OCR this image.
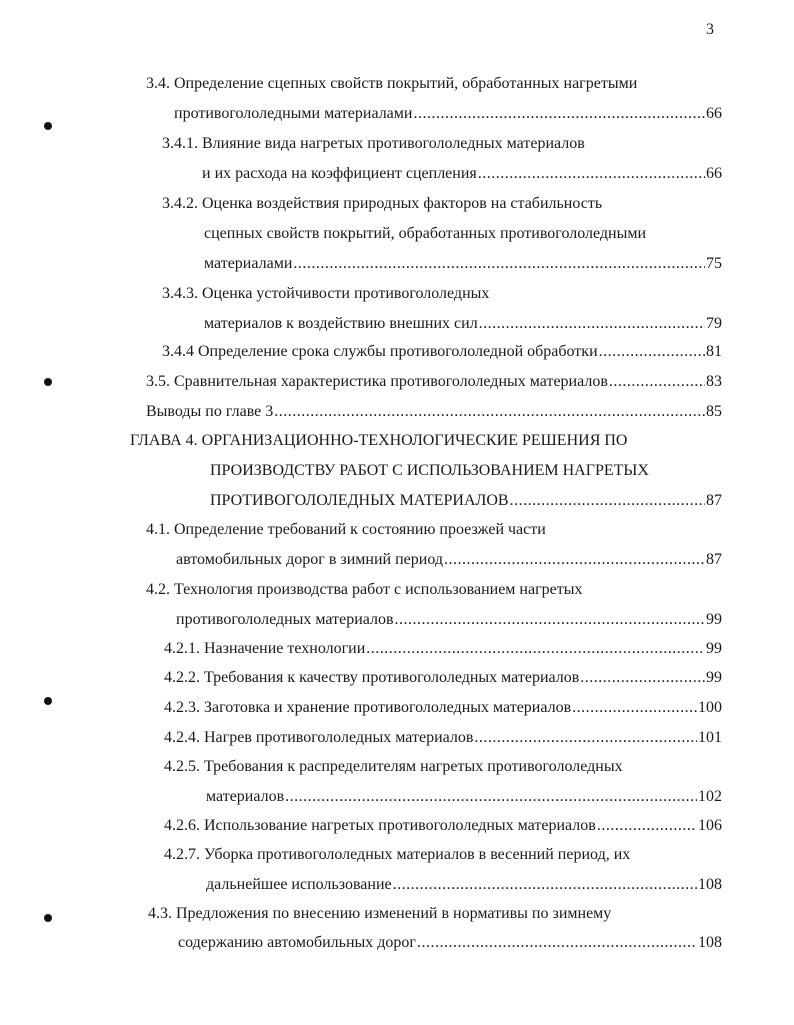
3
3.4. Определение сцепных свойств покрытий, обработанных нагретыми
противогололедными материалами .....	66
3.4.1. Влияние вида нагретых противогололедных материалов
и их расхода на коэффициент сцепления .....	66
3.4.2. Оценка воздействия природных факторов на стабильность
сцепных свойств покрытий, обработанных противогололедными
материалами .....	75
3.4.3. Оценка устойчивости противогололедных
материалов к воздействию внешних сил .....	79
3.4.4 Определение срока службы противогололедной обработки .....	81
3.5. Сравнительная характеристика противогололедных материалов .....	83
Выводы по главе 3 .....	85
ГЛАВА 4. ОРГАНИЗАЦИОННО-ТЕХНОЛОГИЧЕСКИЕ РЕШЕНИЯ ПО
ПРОИЗВОДСТВУ РАБОТ С ИСПОЛЬЗОВАНИЕМ НАГРЕТЫХ
ПРОТИВОГОЛОЛЕДНЫХ МАТЕРИАЛОВ .....	87
4.1. Определение требований к состоянию проезжей части
автомобильных дорог в зимний период .....	87
4.2. Технология производства работ с использованием нагретых
противогололедных материалов .....	99
4.2.1. Назначение технологии .....	99
4.2.2. Требования к качеству противогололедных материалов .....	99
4.2.3. Заготовка и хранение противогололедных материалов .....	100
4.2.4. Нагрев противогололедных материалов .....	101
4.2.5. Требования к распределителям нагретых противогололедных
материалов .....	102
4.2.6. Использование нагретых противогололедных материалов .....	106
4.2.7. Уборка противогололедных материалов в весенний период, их
дальнейшее использование .....	108
4.3. Предложения по внесению изменений в нормативы по зимнему
содержанию автомобильных дорог .....	108
